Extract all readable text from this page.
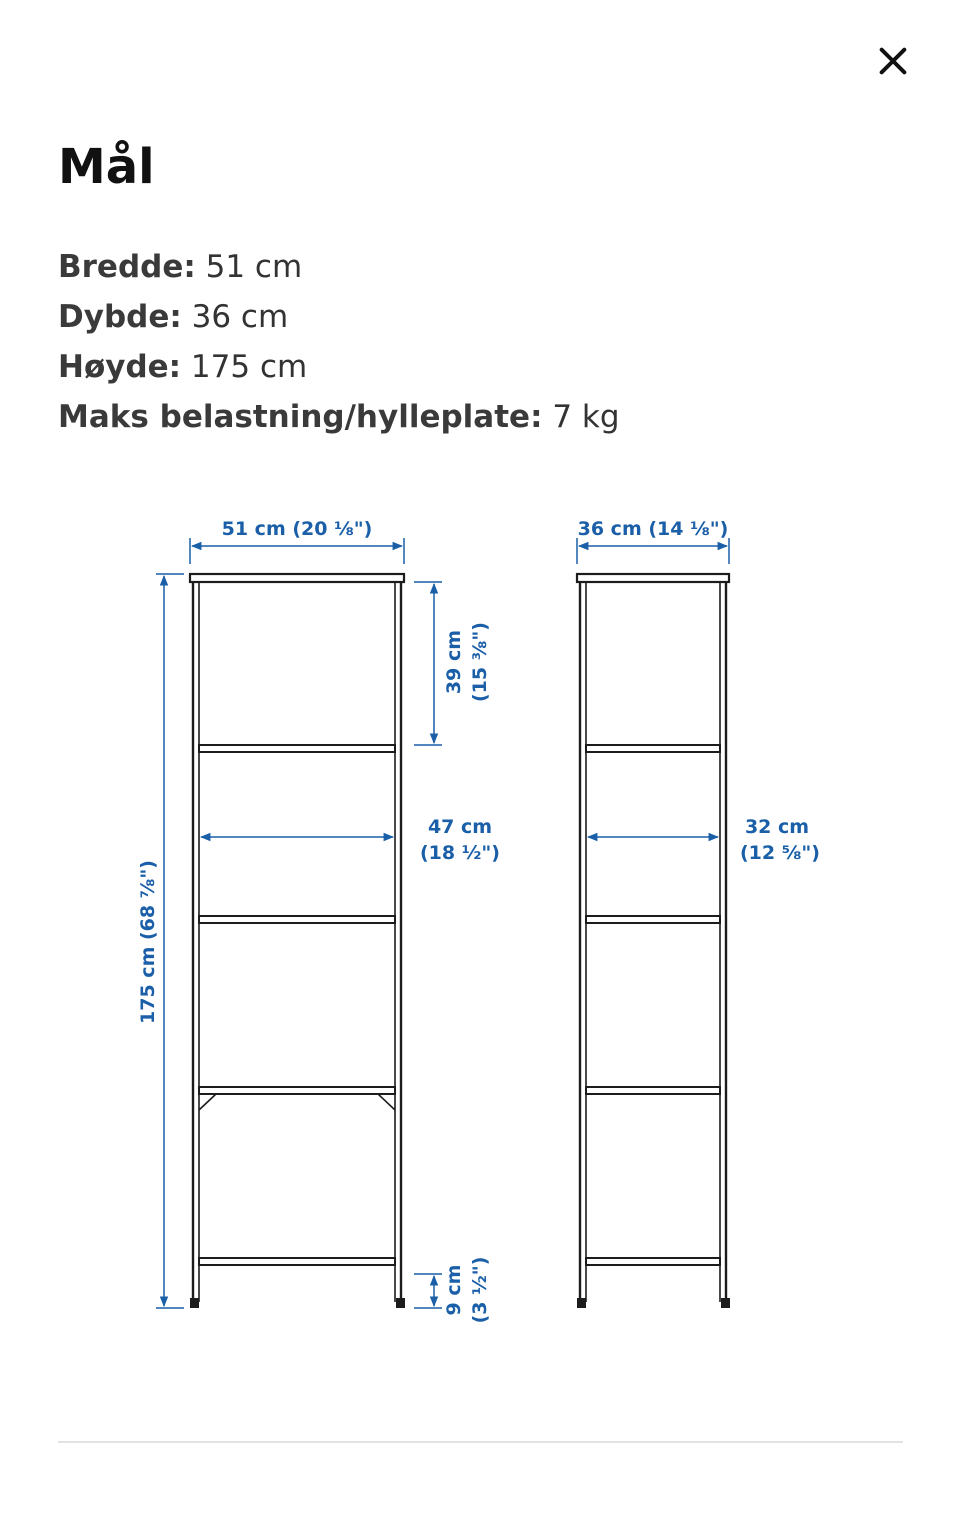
Mål
Bredde: 51 cm
Dybde: 36 cm
Høyde: 175 cm
Maks belastning/hylleplate: 7 kg
51 cm (20 ⅛")	36 cm (14 ⅛")
175 cm (68 ⅞")
39 cm (15 ⅜")
47 cm
(18 ½")
9 cm (3 ½")
32 cm
(12 ⅝")
